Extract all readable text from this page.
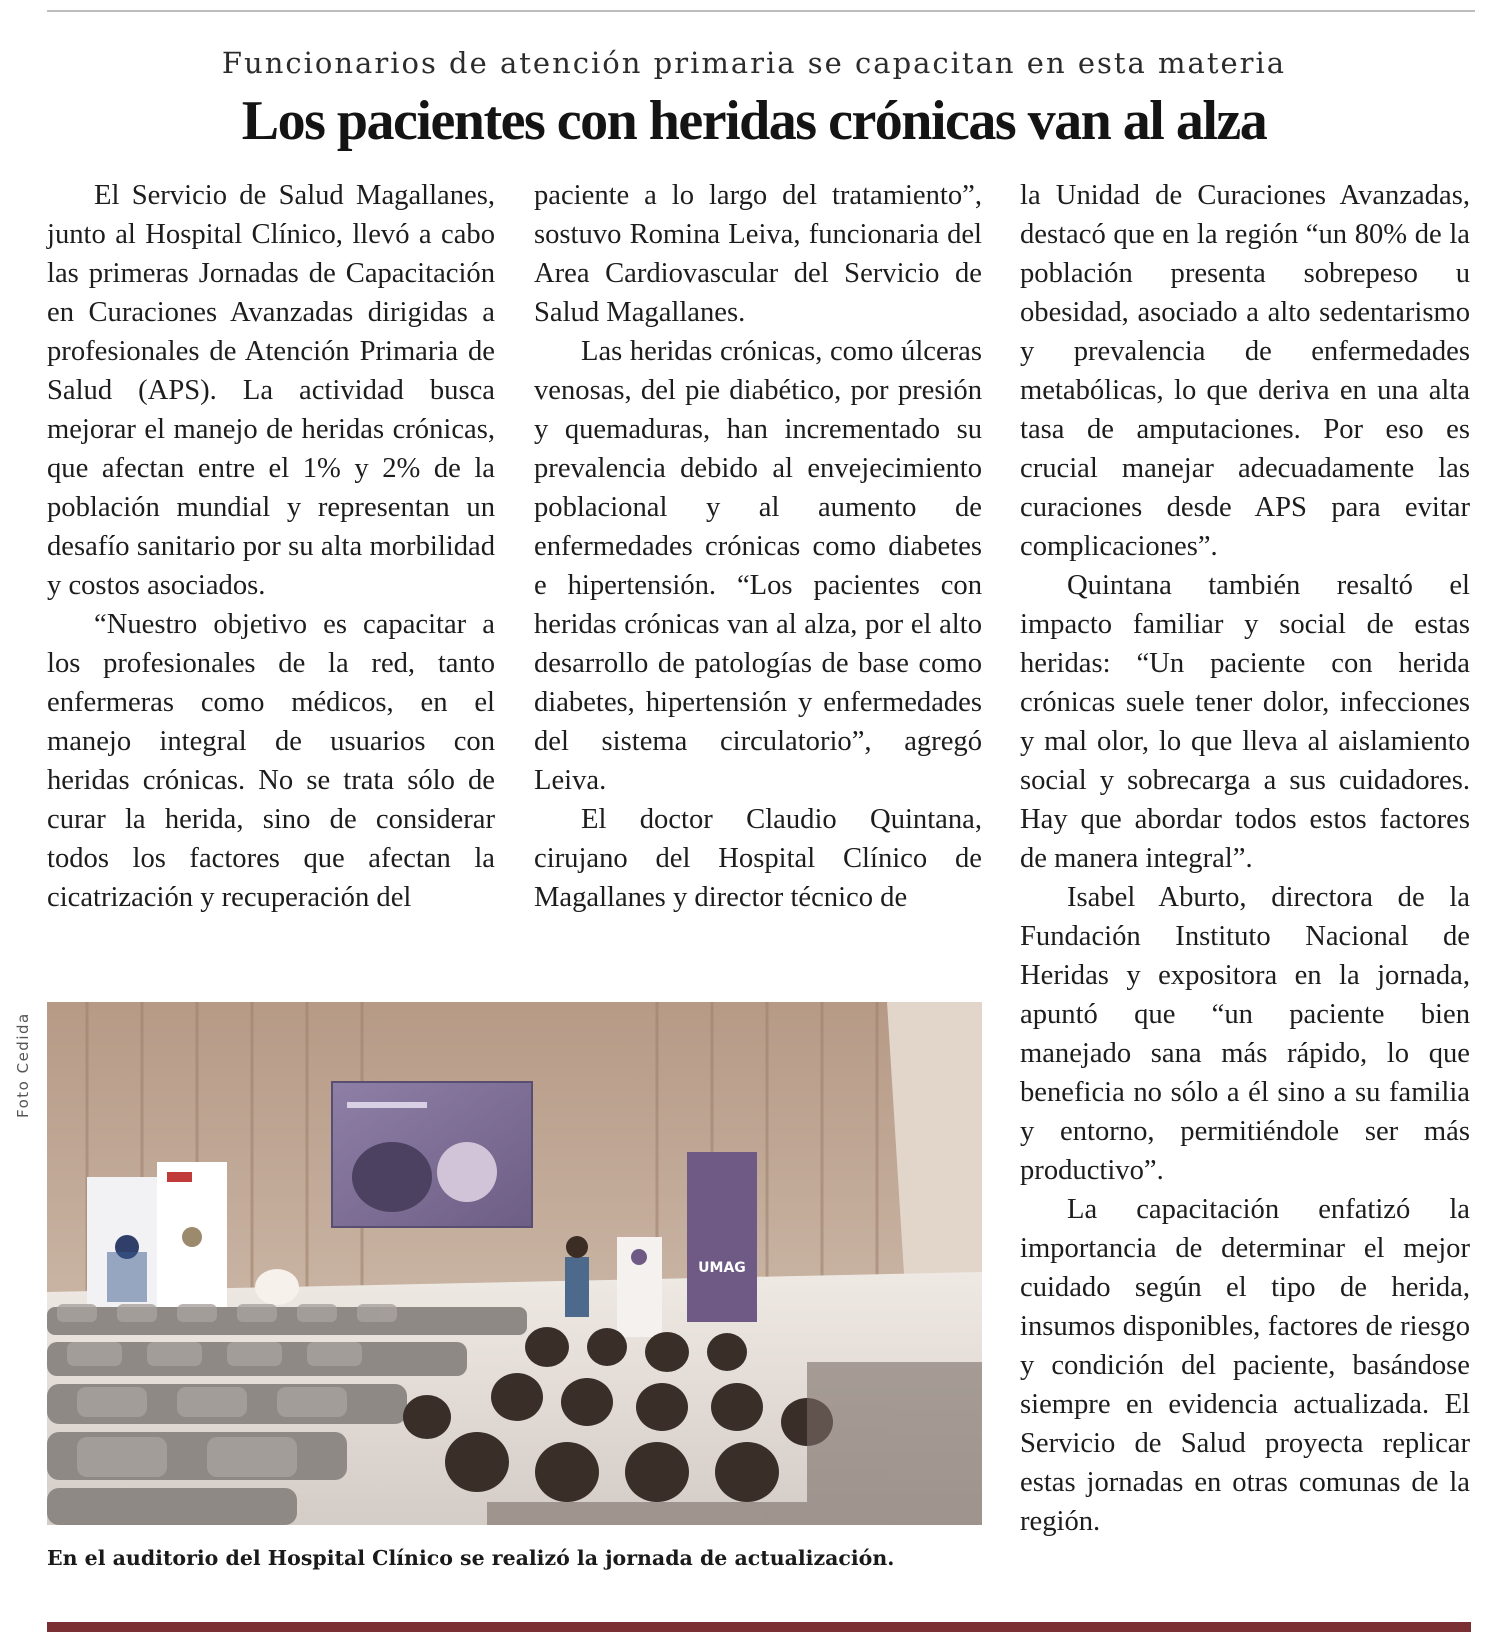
Funcionarios de atención primaria se capacitan en esta materia
Los pacientes con heridas crónicas van al alza

El Servicio de Salud Magallanes, junto al Hospital Clínico, llevó a cabo las primeras Jornadas de Capacitación en Curaciones Avanzadas dirigidas a profesionales de Atención Primaria de Salud (APS). La actividad busca mejorar el manejo de heridas crónicas, que afectan entre el 1% y 2% de la población mundial y representan un desafío sanitario por su alta morbilidad y costos asociados.

“Nuestro objetivo es capacitar a los profesionales de la red, tanto enfermeras como médicos, en el manejo integral de usuarios con heridas crónicas. No se trata sólo de curar la herida, sino de considerar todos los factores que afectan la cicatrización y recuperación del

paciente a lo largo del tratamiento”, sostuvo Romina Leiva, funcionaria del Area Cardiovascular del Servicio de Salud Magallanes.

Las heridas crónicas, como úlceras venosas, del pie diabético, por presión y quemaduras, han incrementado su prevalencia debido al envejecimiento poblacional y al aumento de enfermedades crónicas como diabetes e hipertensión. “Los pacientes con heridas crónicas van al alza, por el alto desarrollo de patologías de base como diabetes, hipertensión y enfermedades del sistema circulatorio”, agregó Leiva.

El doctor Claudio Quintana, cirujano del Hospital Clínico de Magallanes y director técnico de

la Unidad de Curaciones Avanzadas, destacó que en la región “un 80% de la población presenta sobrepeso u obesidad, asociado a alto sedentarismo y prevalencia de enfermedades metabólicas, lo que deriva en una alta tasa de amputaciones. Por eso es crucial manejar adecuadamente las curaciones desde APS para evitar complicaciones”.

Quintana también resaltó el impacto familiar y social de estas heridas: “Un paciente con herida crónicas suele tener dolor, infecciones y mal olor, lo que lleva al aislamiento social y sobrecarga a sus cuidadores. Hay que abordar todos estos factores de manera integral”.

Isabel Aburto, directora de la Fundación Instituto Nacional de Heridas y expositora en la jornada, apuntó que “un paciente bien manejado sana más rápido, lo que beneficia no sólo a él sino a su familia y entorno, permitiéndole ser más productivo”.

La capacitación enfatizó la importancia de determinar el mejor cuidado según el tipo de herida, insumos disponibles, factores de riesgo y condición del paciente, basándose siempre en evidencia actualizada. El Servicio de Salud proyecta replicar estas jornadas en otras comunas de la región.

Foto Cedida
UMAG
En el auditorio del Hospital Clínico se realizó la jornada de actualización.
